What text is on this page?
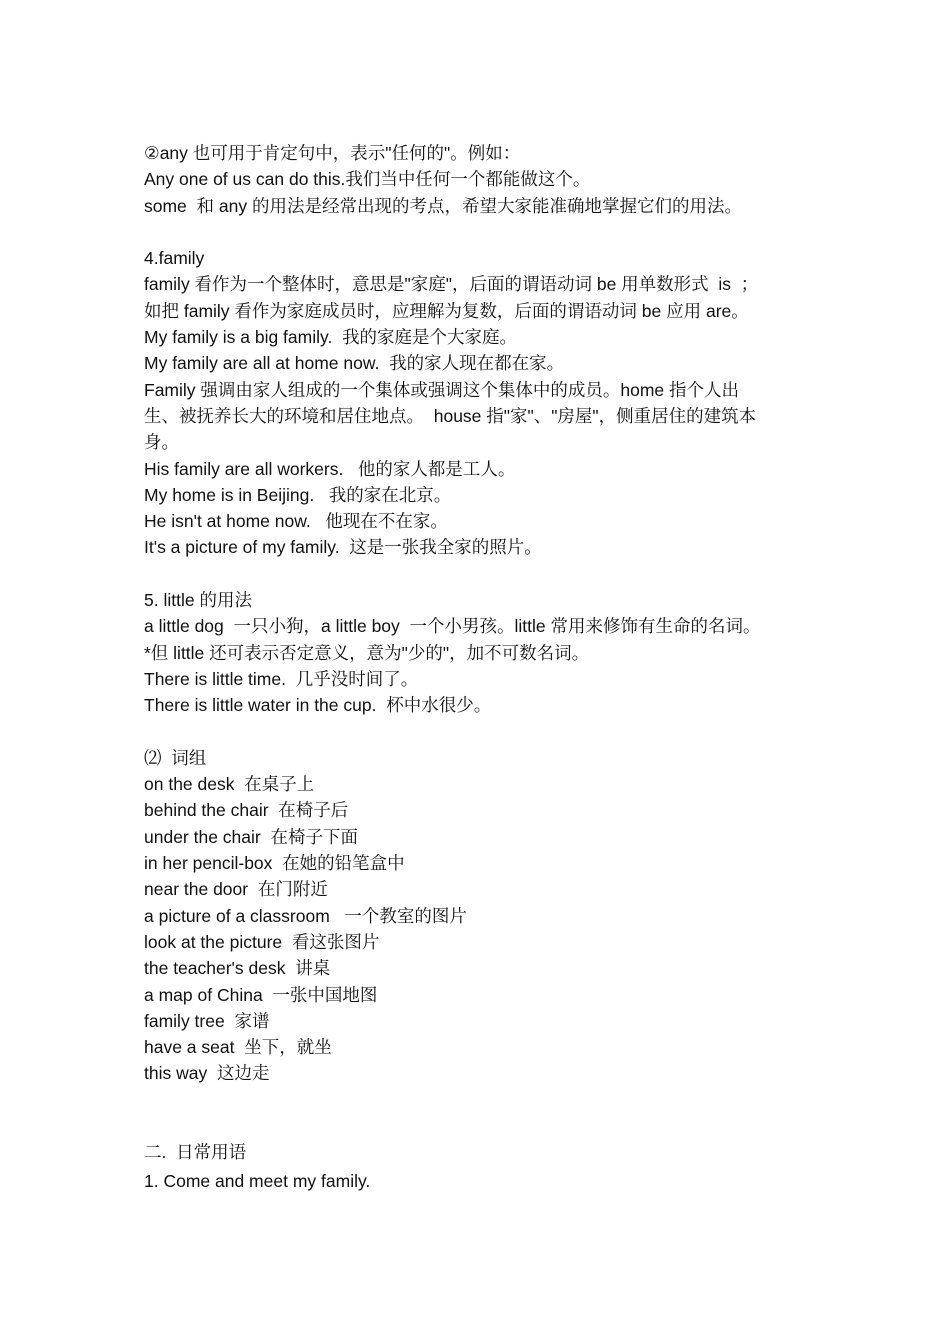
②any 也可用于肯定句中，表示"任何的"。例如：

Any one of us can do this.我们当中任何一个都能做这个。

some  和 any 的用法是经常出现的考点，希望大家能准确地掌握它们的用法。

4.family

family 看作为一个整体时，意思是"家庭"，后面的谓语动词 be 用单数形式  is  ；

如把 family 看作为家庭成员时，应理解为复数，后面的谓语动词 be 应用 are。

My family is a big family.  我的家庭是个大家庭。

My family are all at home now.  我的家人现在都在家。

Family 强调由家人组成的一个集体或强调这个集体中的成员。home 指个人出

生、被抚养长大的环境和居住地点。  house 指"家"、"房屋"，侧重居住的建筑本

身。

His family are all workers.   他的家人都是工人。

My home is in Beijing.   我的家在北京。

He isn't at home now.   他现在不在家。

It's a picture of my family.  这是一张我全家的照片。

5. little 的用法

a little dog  一只小狗，a little boy  一个小男孩。little 常用来修饰有生命的名词。

*但 little 还可表示否定意义，意为"少的"，加不可数名词。

There is little time.  几乎没时间了。

There is little water in the cup.  杯中水很少。

⑵  词组

on the desk  在桌子上

behind the chair  在椅子后

under the chair  在椅子下面

in her pencil-box  在她的铅笔盒中

near the door  在门附近

a picture of a classroom   一个教室的图片

look at the picture  看这张图片

the teacher's desk  讲桌

a map of China  一张中国地图

family tree  家谱

have a seat  坐下，就坐

this way  这边走

二.  日常用语

1. Come and meet my family.
